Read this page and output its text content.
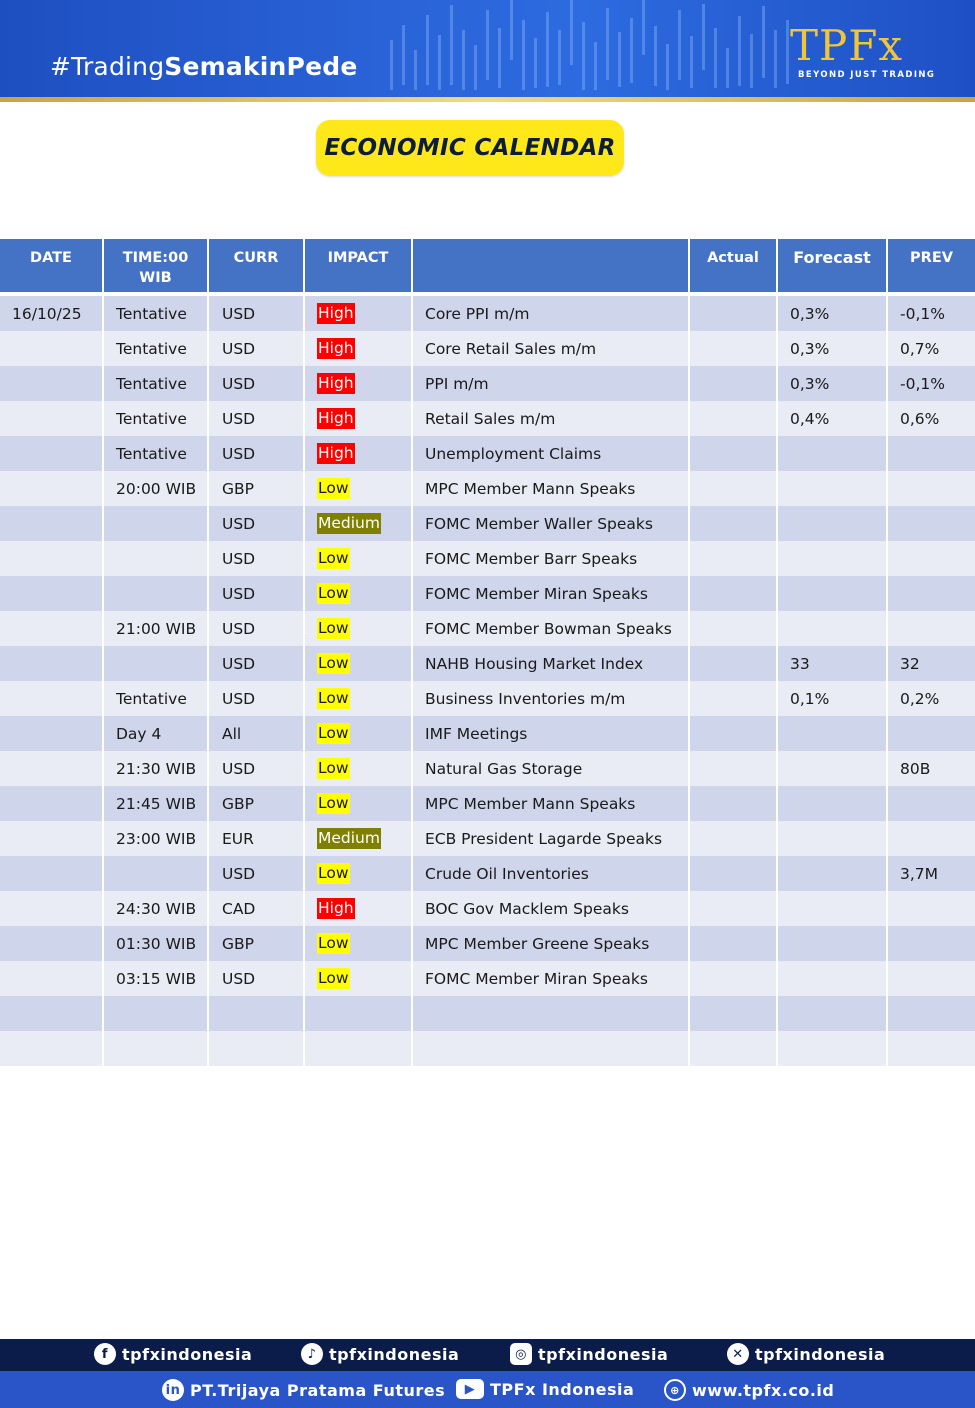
#TradingSemakinPede	TPFx
BEYOND JUST TRADING
ECONOMIC CALENDAR
DATE	TIME:00
WIB	CURR	IMPACT		Actual	Forecast	PREV

16/10/25	Tentative	USD	High	Core PPI m/m		0,3%	-0,1%
	Tentative	USD	High	Core Retail Sales m/m		0,3%	0,7%
	Tentative	USD	High	PPI m/m		0,3%	-0,1%
	Tentative	USD	High	Retail Sales m/m		0,4%	0,6%
	Tentative	USD	High	Unemployment Claims			
	20:00 WIB	GBP	Low	MPC Member Mann Speaks			
		USD	Medium	FOMC Member Waller Speaks			
		USD	Low	FOMC Member Barr Speaks			
		USD	Low	FOMC Member Miran Speaks			
	21:00 WIB	USD	Low	FOMC Member Bowman Speaks			
		USD	Low	NAHB Housing Market Index		33	32
	Tentative	USD	Low	Business Inventories m/m		0,1%	0,2%
	Day 4	All	Low	IMF Meetings			
	21:30 WIB	USD	Low	Natural Gas Storage			80B
	21:45 WIB	GBP	Low	MPC Member Mann Speaks			
	23:00 WIB	EUR	Medium	ECB President Lagarde Speaks			
		USD	Low	Crude Oil Inventories			3,7M
	24:30 WIB	CAD	High	BOC Gov Macklem Speaks			
	01:30 WIB	GBP	Low	MPC Member Greene Speaks			
	03:15 WIB	USD	Low	FOMC Member Miran Speaks			

f tpfxindonesia	♪ tpfxindonesia	◎ tpfxindonesia	✕ tpfxindonesia
in PT.Trijaya Pratama Futures	▶ TPFx Indonesia	⊕ www.tpfx.co.id
